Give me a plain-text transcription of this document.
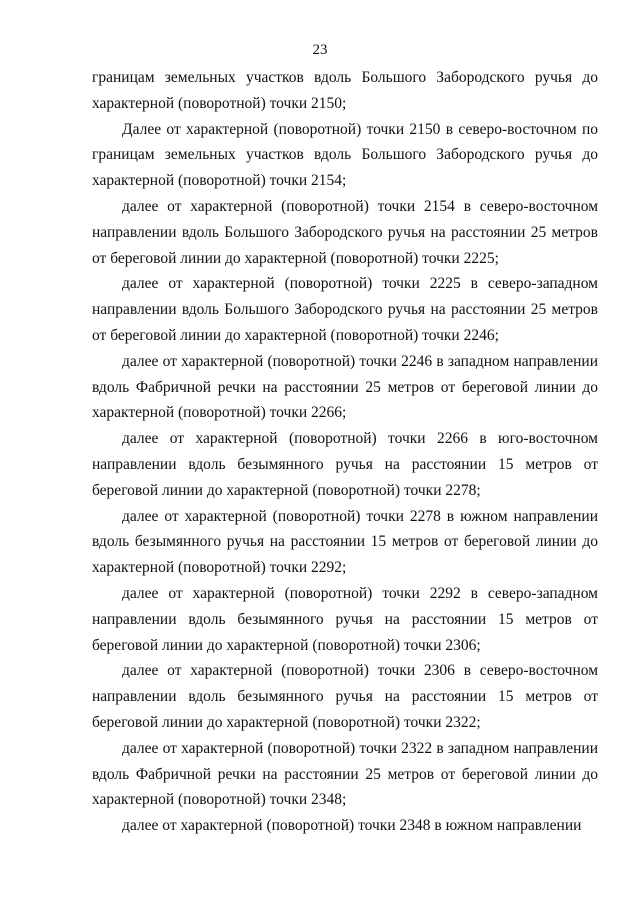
23

границам земельных участков вдоль Большого Забородского ручья до характерной (поворотной) точки 2150;

Далее от характерной (поворотной) точки 2150 в северо-восточном по границам земельных участков вдоль Большого Забородского ручья до характерной (поворотной) точки 2154;

далее от характерной (поворотной) точки 2154 в северо-восточном направлении вдоль Большого Забородского ручья на расстоянии 25 метров от береговой линии до характерной (поворотной) точки 2225;

далее от характерной (поворотной) точки 2225 в северо-западном направлении вдоль Большого Забородского ручья на расстоянии 25 метров от береговой линии до характерной (поворотной) точки 2246;

далее от характерной (поворотной) точки 2246 в западном направлении вдоль Фабричной речки на расстоянии 25 метров от береговой линии до характерной (поворотной) точки 2266;

далее от характерной (поворотной) точки 2266 в юго-восточном направлении вдоль безымянного ручья на расстоянии 15 метров от береговой линии до характерной (поворотной) точки 2278;

далее от характерной (поворотной) точки 2278 в южном направлении вдоль безымянного ручья на расстоянии 15 метров от береговой линии до характерной (поворотной) точки 2292;

далее от характерной (поворотной) точки 2292 в северо-западном направлении вдоль безымянного ручья на расстоянии 15 метров от береговой линии до характерной (поворотной) точки 2306;

далее от характерной (поворотной) точки 2306 в северо-восточном направлении вдоль безымянного ручья на расстоянии 15 метров от береговой линии до характерной (поворотной) точки 2322;

далее от характерной (поворотной) точки 2322 в западном направлении вдоль Фабричной речки на расстоянии 25 метров от береговой линии до характерной (поворотной) точки 2348;

далее от характерной (поворотной) точки 2348 в южном направлении
